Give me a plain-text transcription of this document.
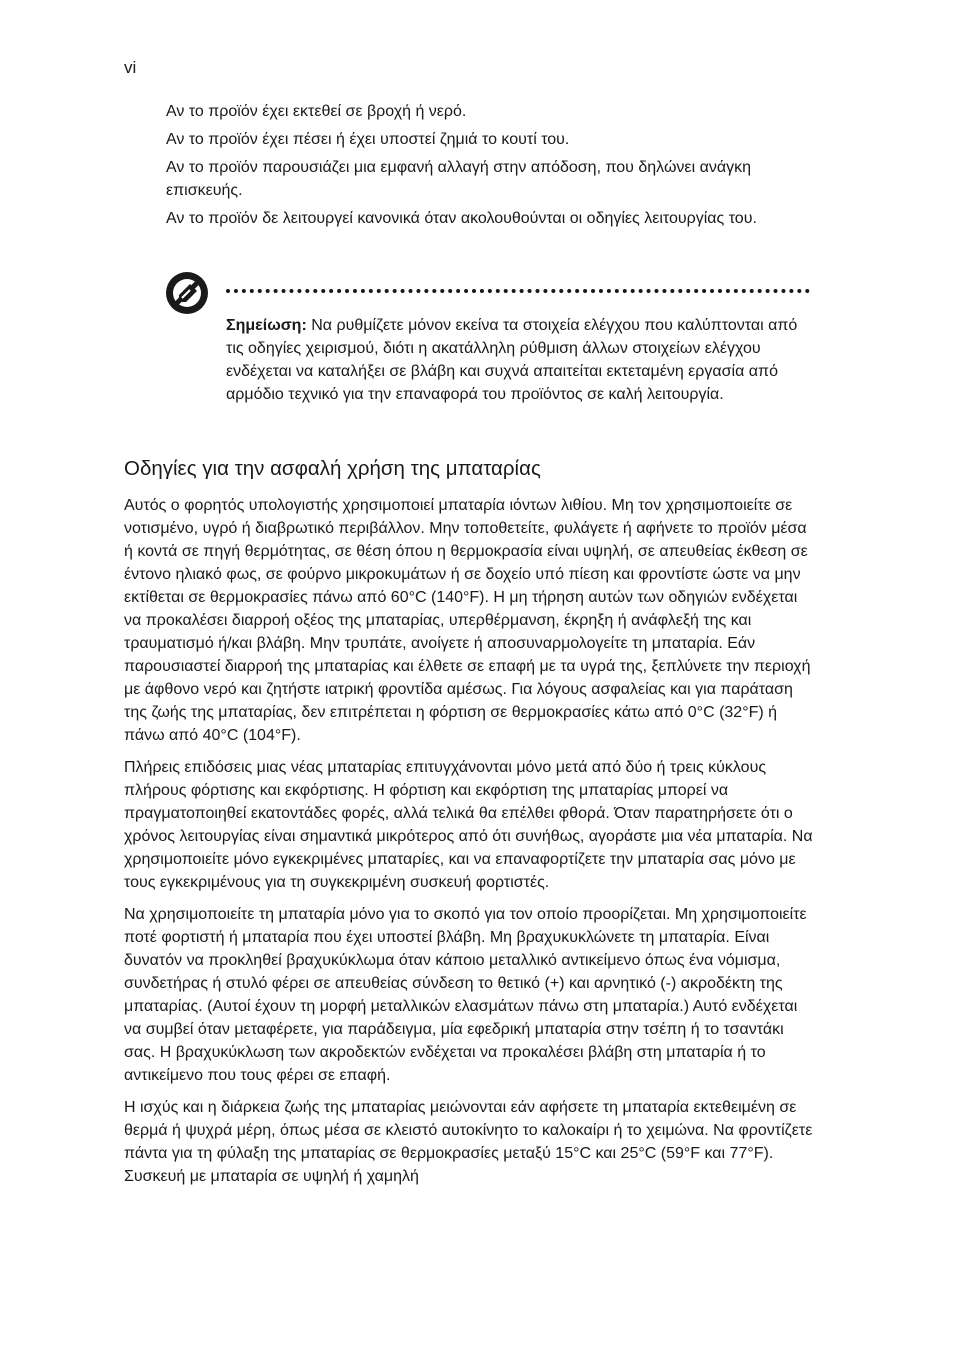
vi

Αν το προϊόν έχει εκτεθεί σε βροχή ή νερό.

Αν το προϊόν έχει πέσει ή έχει υποστεί ζημιά το κουτί του.

Αν το προϊόν παρουσιάζει μια εμφανή αλλαγή στην απόδοση, που δηλώνει ανάγκη επισκευής.

Αν το προϊόν δε λειτουργεί κανονικά όταν ακολουθούνται οι οδηγίες λειτουργίας του.

Σημείωση: Να ρυθμίζετε μόνον εκείνα τα στοιχεία ελέγχου που καλύπτονται από τις οδηγίες χειρισμού, διότι η ακατάλληλη ρύθμιση άλλων στοιχείων ελέγχου ενδέχεται να καταλήξει σε βλάβη και συχνά απαιτείται εκτεταμένη εργασία από αρμόδιο τεχνικό για την επαναφορά του προϊόντος σε καλή λειτουργία.
Οδηγίες για την ασφαλή χρήση της μπαταρίας

Αυτός ο φορητός υπολογιστής χρησιμοποιεί μπαταρία ιόντων λιθίου. Μη τον χρησιμοποιείτε σε νοτισμένο, υγρό ή διαβρωτικό περιβάλλον. Μην τοποθετείτε, φυλάγετε ή αφήνετε το προϊόν μέσα ή κοντά σε πηγή θερμότητας, σε θέση όπου η θερμοκρασία είναι υψηλή, σε απευθείας έκθεση σε έντονο ηλιακό φως, σε φούρνο μικροκυμάτων ή σε δοχείο υπό πίεση και φροντίστε ώστε να μην εκτίθεται σε θερμοκρασίες πάνω από 60°C (140°F). Η μη τήρηση αυτών των οδηγιών ενδέχεται να προκαλέσει διαρροή οξέος της μπαταρίας, υπερθέρμανση, έκρηξη ή ανάφλεξή της και τραυματισμό ή/και βλάβη. Μην τρυπάτε, ανοίγετε ή αποσυναρμολογείτε τη μπαταρία. Εάν παρουσιαστεί διαρροή της μπαταρίας και έλθετε σε επαφή με τα υγρά της, ξεπλύνετε την περιοχή με άφθονο νερό και ζητήστε ιατρική φροντίδα αμέσως. Για λόγους ασφαλείας και για παράταση της ζωής της μπαταρίας, δεν επιτρέπεται η φόρτιση σε θερμοκρασίες κάτω από 0°C (32°F) ή πάνω από 40°C (104°F).

Πλήρεις επιδόσεις μιας νέας μπαταρίας επιτυγχάνονται μόνο μετά από δύο ή τρεις κύκλους πλήρους φόρτισης και εκφόρτισης. Η φόρτιση και εκφόρτιση της μπαταρίας μπορεί να πραγματοποιηθεί εκατοντάδες φορές, αλλά τελικά θα επέλθει φθορά. Όταν παρατηρήσετε ότι ο χρόνος λειτουργίας είναι σημαντικά μικρότερος από ότι συνήθως, αγοράστε μια νέα μπαταρία. Να χρησιμοποιείτε μόνο εγκεκριμένες μπαταρίες, και να επαναφορτίζετε την μπαταρία σας μόνο με τους εγκεκριμένους για τη συγκεκριμένη συσκευή φορτιστές.

Να χρησιμοποιείτε τη μπαταρία μόνο για το σκοπό για τον οποίο προορίζεται. Μη χρησιμοποιείτε ποτέ φορτιστή ή μπαταρία που έχει υποστεί βλάβη. Μη βραχυκυκλώνετε τη μπαταρία. Είναι δυνατόν να προκληθεί βραχυκύκλωμα όταν κάποιο μεταλλικό αντικείμενο όπως ένα νόμισμα, συνδετήρας ή στυλό φέρει σε απευθείας σύνδεση το θετικό (+) και αρνητικό (-) ακροδέκτη της μπαταρίας. (Αυτοί έχουν τη μορφή μεταλλικών ελασμάτων πάνω στη μπαταρία.) Αυτό ενδέχεται να συμβεί όταν μεταφέρετε, για παράδειγμα, μία εφεδρική μπαταρία στην τσέπη ή το τσαντάκι σας. Η βραχυκύκλωση των ακροδεκτών ενδέχεται να προκαλέσει βλάβη στη μπαταρία ή το αντικείμενο που τους φέρει σε επαφή.

Η ισχύς και η διάρκεια ζωής της μπαταρίας μειώνονται εάν αφήσετε τη μπαταρία εκτεθειμένη σε θερμά ή ψυχρά μέρη, όπως μέσα σε κλειστό αυτοκίνητο το καλοκαίρι ή το χειμώνα. Να φροντίζετε πάντα για τη φύλαξη της μπαταρίας σε θερμοκρασίες μεταξύ 15°C και 25°C (59°F και 77°F). Συσκευή με μπαταρία σε υψηλή ή χαμηλή
